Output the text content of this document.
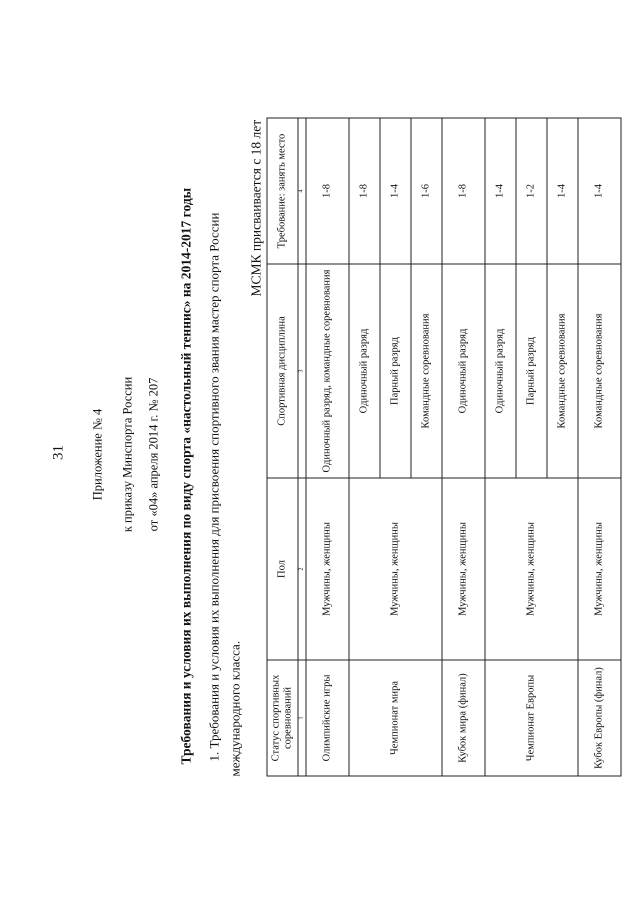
31 Приложение № 4 к приказу Минспорта России от «04» апреля 2014 г. № 207 Требования и условия их выполнения по виду спорта «настольный теннис» на 2014-2017 годы 1. Требования и условия их выполнения для присвоения спортивного звания мастер спорта России международного класса.
МСМК присваивается с 18 лет
Статус спортивных соревнований	Пол	Спортивная дисциплина	Требование: занять место
1	2	3	4
Олимпийские игры	Мужчины, женщины	Одиночный разряд, командные соревнования	1-8
Чемпионат мира	Мужчины, женщины	Одиночный разряд	1-8
		Парный разряд	1-4
		Командные соревнования	1-6
Кубок мира (финал)	Мужчины, женщины	Одиночный разряд	1-8
Чемпионат Европы	Мужчины, женщины	Одиночный разряд	1-4
		Парный разряд	1-2
		Командные соревнования	1-4
Кубок Европы (финал)	Мужчины, женщины	Командные соревнования	1-4
